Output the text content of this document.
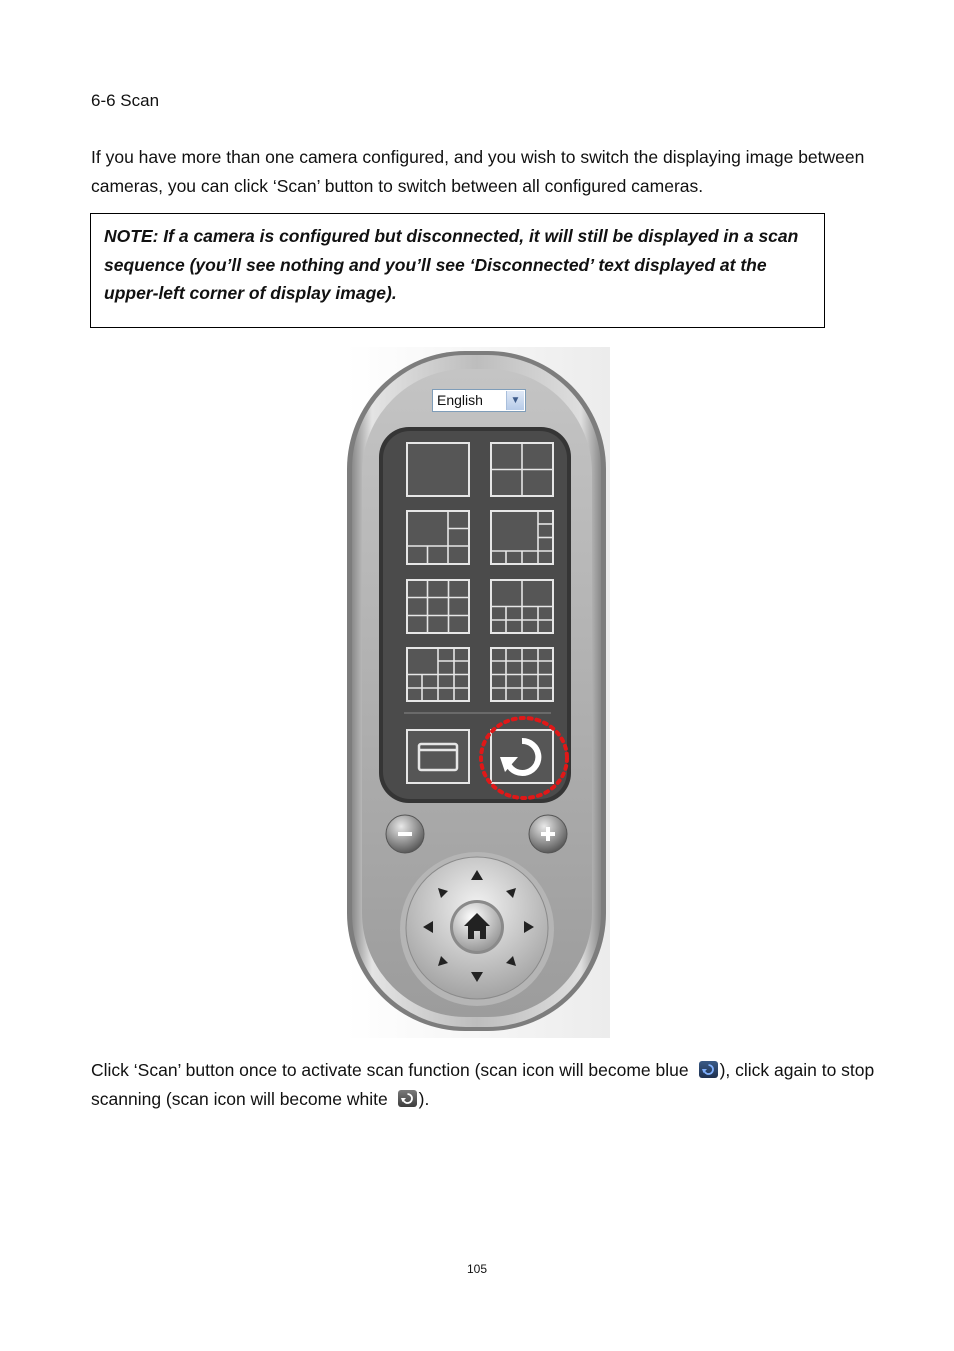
6-6 Scan
If you have more than one camera configured, and you wish to switch the displaying image between cameras, you can click ‘Scan’ button to switch between all configured cameras.
NOTE: If a camera is configured but disconnected, it will still be displayed in a scan sequence (you’ll see nothing and you’ll see ‘Disconnected’ text displayed at the upper-left corner of display image).
English	▼
Click ‘Scan’ button once to activate scan function (scan icon will become blue ), click again to stop scanning (scan icon will become white ).
105
